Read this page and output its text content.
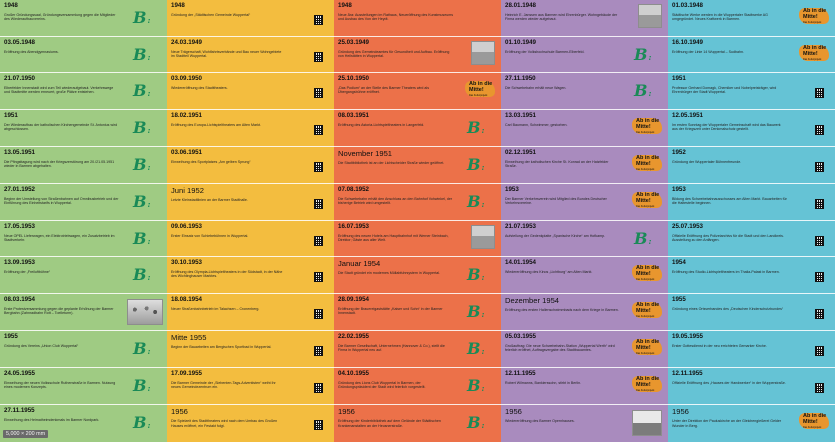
1948
Großer Gründungssaal, Gründungsversammlung gegen die Mitglieder des Wiederaufbauvereins.	B:
1948
Gründung der „Städtischen Gemeinde Wuppertal“
1948
Neue Ära: Ausstellungen im Rathaus, Neueröffnung des Kunstmuseums und Ausbau des Von der Heydt.
28.01.1948
Heinrich E. Janssen aus Barmen wird Ehrenbürger. Wohngebäude der Firma werden wieder aufgebaut.
01.03.1948
Städtische Werke werden in die Wuppertaler Stadtwerke AG umgegründet. Neues Kraftwerk in Barmen.
Ab in die
Mitte!
Das Kulturprojekt
03.05.1948
Eröffnung des Abendgymnasiums.	B:
24.03.1949
Neue Trägerschaft, Wohlfahrtsverbände und Bau neuer Wohngebiete im Stadtteil Wuppertal.
25.03.1949
Gründung des Gemeindeamtes für Gesundheit und Aufbau. Eröffnung von Heilstätten in Wuppertal.
01.10.1949
Eröffnung der Volkshochschule Barmen-Elberfeld.	B:
16.10.1949
Eröffnung der Linie 14 Wuppertal – Sudbahn.
Ab in die
Mitte!
Das Kulturprojekt
21.07.1950
Elberfelder Innenstadt wird zum Teil wiederaufgebaut. Verkehrswege und Stadtmitte werden erneuert, große Plätze entstehen.	B:
03.09.1950
Wiedereröffnung des Stadttheaters.
25.10.1950
„Das Podium“ an der Stelle des Barmer Theaters wird als Übergangsbühne eröffnet.
Ab in die
Mitte!
Das Kulturprojekt
27.11.1950
Die Schwebebahn erhält neue Wagen.	B:
1951
Professor Gerhard Domagk, Chemiker und Nobelpreisträger, wird Ehrenbürger der Stadt Wuppertal.
1951
Der Wiederaufbau der katholischen Kirchengemeinde St. Antonius wird abgeschlossen.	B:
18.02.1951
Eröffnung des Europa-Lichtspieltheaters am Alten Markt.
08.03.1951
Eröffnung des Astoria-Lichtspieltheaters in Langerfeld.	B:
13.03.1951
Carl Baumann, Schwimmer, gestorben.
Ab in die
Mitte!
Das Kulturprojekt
12.05.1951
Im ersten Sonntag der Wuppertaler Gemeinschaft wird das Bauwerk aus der Kriegszeit unter Denkmalschutz gestellt.
13.05.1951
Die Pfingsttagung wird nach der Kriegszerstörung am 20./21.05.1951 wieder in Barmen abgehalten.	B:
03.06.1951
Einweihung des Sportplatzes „Am gelben Sprung“
November 1951
Die Stadtbibliothek ist an der Lichtscheider Straße wieder geöffnet.	B:
02.12.1951
Einweihung der katholischen Kirche St. Konrad an der Hatzfelder Straße.
Ab in die
Mitte!
Das Kulturprojekt
1952
Gründung der Wuppertaler Bühnenfreunde.
27.01.1952
Beginn der Umstellung von Straßenbahnen auf Omnibusbetrieb und der Einführung des Einheitstarifs in Wuppertal.	B:
Juni 1952
Letzte Kleinstadtlinien an der Barmer Stadthalle.
07.08.1952
Die Schwebebahn erhält den Anschluss an den Bahnhof Vohwinkel, der bisherige Betrieb wird umgestellt.	B:
1953
Der Barmer Verkehrsverein wird Mitglied des Bundes Deutscher Verkehrsvereine.
Ab in die
Mitte!
Das Kulturprojekt
1953
Bildung des Schwebebahnausschusses am Alten Markt. Bauarbeiten für die Haltestelle beginnen.
17.05.1953
Neue OPEL Lieferwagen, ein Elektrotriebwagen, ein Zusatzbetrieb im Stadtverkehr.	B:
09.06.1953
Erster Einsatz von Schiebebühnen in Wuppertal.
16.07.1953
Eröffnung des neuen Hotels am Hauptbahnhof mit Werner Steinbach, Direktor; Gäste aus aller Welt.
21.07.1953
Aufstellung der Gedenkplatte „Spanische Kirche“ am Hofkamp.	B:
25.07.1953
Offizielle Eröffnung des Polizeiarchivs für die Stadt und den Landkreis. Ausstellung zu den Anfängen.
13.09.1953
Eröffnung der „Freiluftbühne“	B:
30.10.1953
Eröffnung des Olympia-Lichtspieltheaters in der Südstadt, in der Nähe des Wichlinghauser Marktes.
Januar 1954
Die Stadt gründet ein modernes Müllabfuhrsystem in Wuppertal.	B:
14.01.1954
Wiedereröffnung des Kinos „Lichtburg“ am Alten Markt.
Ab in die
Mitte!
Das Kulturprojekt
1954
Eröffnung des Studio-Lichtspieltheaters im Thalia-Palast in Barmen.
08.03.1954
Erste Protestversammlung gegen die geplante Erhöhung der Barmer Bergbahn (Zahnradbahn Rott – Toelleturm).
18.08.1954
Neuer Straßenbahnbetrieb im Talachsen – Cronenberg.
28.09.1954
Eröffnung der Brauereigaststätte „Kaiser und Sohn“ in der Barmer Innenstadt.	B:
Dezember 1954
Eröffnung des ersten Hallenschwimmbads nach dem Kriege in Barmen.
Ab in die
Mitte!
Das Kulturprojekt
1955
Gründung eines Ortsverbandes des „Deutschen Kinderschutzbundes“
1955
Gründung des Vereins „Union Club Wuppertal“	B:
Mitte 1955
Beginn der Bauarbeiten am Bergischen Sportbad in Wuppertal.
22.02.1955
Die Barmer Gesellschaft, Unternehmen (Hannover & Co.), stellt die Firma in Wuppertal neu auf.	B:
05.03.1955
Großauftrag: Die neue Schwebebahn-Station „Wuppertal Werth“ wird feierlich eröffnet, Auftragsvergabe des Stadtbauamtes.
Ab in die
Mitte!
Das Kulturprojekt
19.05.1955
Erster Gottesdienst in der neu errichteten Gemarker Kirche.
24.05.1955
Einweihung der neuen Volksschule Ruthenstraße in Barmen. Nutzung eines modernen Konzepts.	B:
17.09.1955
Die Barmer Gemeinde der „Siebenten-Tags-Adventisten“ weiht ihr neues Gemeindezentrum ein.
04.10.1955
Gründung des Lions Club Wuppertal in Barmen, der Gründungspräsident der Stadt wird feierlich vorgestellt.	B:
12.11.1955
Robert Wilmanns, Bankierssohn, stirbt in Berlin.
Ab in die
Mitte!
Das Kulturprojekt
12.11.1955
Offizielle Eröffnung des „Hauses der Handwerker“ in der Wupperstraße.
27.11.1955
Einweihung des Heimatheimdenkmals im Barmer Nordpark.	B:
1956
Die Spielzeit des Stadttheaters wird nach dem Umbau des Großen Hauses eröffnet, ein Festakt folgt.
1956
Eröffnung der Kinderbibliothek auf dem Gelände der Städtischen Krankenanstalten an der Heusnerstraße.	B:
1956
Wiedereröffnung des Barmer Opernhauses.
1956
Unter der Direktion der Pauluskirche an der Gleichengießerei Gelder Wunder in Berg.
Ab in die
Mitte!
Das Kulturprojekt
5,000 × 200 mm
